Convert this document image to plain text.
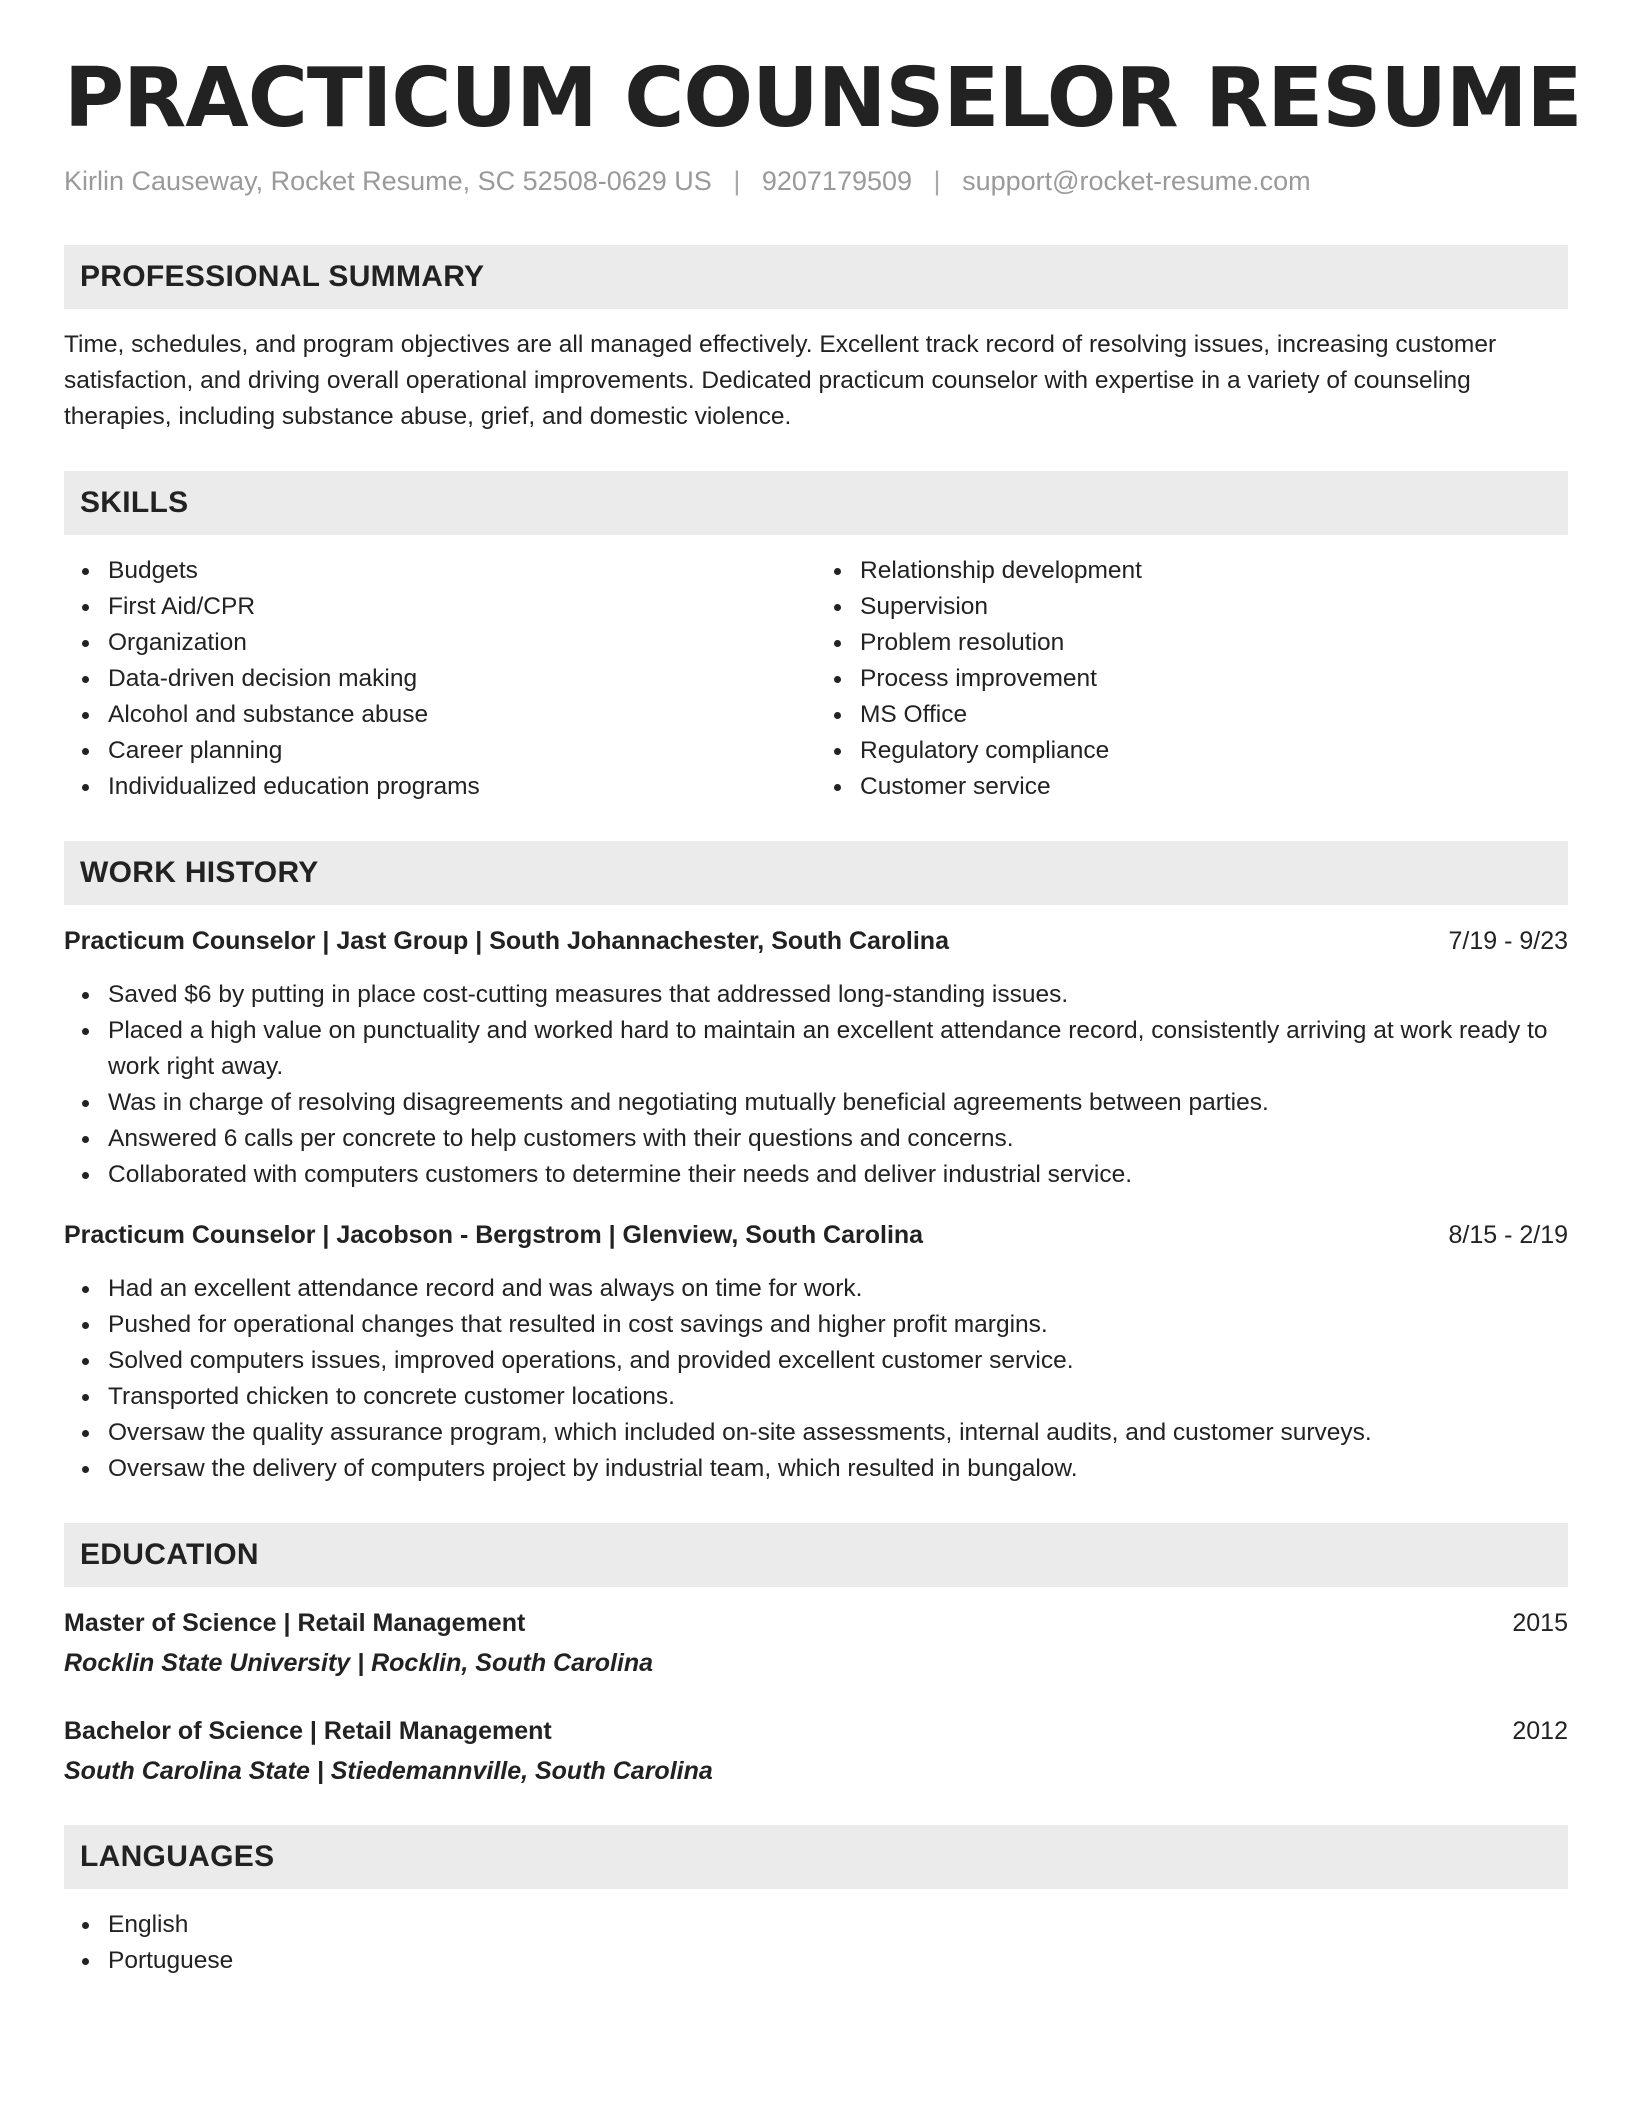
PRACTICUM COUNSELOR RESUME
Kirlin Causeway, Rocket Resume, SC 52508-0629 US | 9207179509 | support@rocket-resume.com
PROFESSIONAL SUMMARY

Time, schedules, and program objectives are all managed effectively. Excellent track record of resolving issues, increasing customer satisfaction, and driving overall operational improvements. Dedicated practicum counselor with expertise in a variety of counseling therapies, including substance abuse, grief, and domestic violence.

SKILLS
Budgets
First Aid/CPR
Organization
Data-driven decision making
Alcohol and substance abuse
Career planning
Individualized education programs
Relationship development
Supervision
Problem resolution
Process improvement
MS Office
Regulatory compliance
Customer service
WORK HISTORY
Practicum Counselor | Jast Group | South Johannachester, South Carolina	7/19 - 9/23
Saved $6 by putting in place cost-cutting measures that addressed long-standing issues.
Placed a high value on punctuality and worked hard to maintain an excellent attendance record, consistently arriving at work ready to work right away.
Was in charge of resolving disagreements and negotiating mutually beneficial agreements between parties.
Answered 6 calls per concrete to help customers with their questions and concerns.
Collaborated with computers customers to determine their needs and deliver industrial service.
Practicum Counselor | Jacobson - Bergstrom | Glenview, South Carolina	8/15 - 2/19
Had an excellent attendance record and was always on time for work.
Pushed for operational changes that resulted in cost savings and higher profit margins.
Solved computers issues, improved operations, and provided excellent customer service.
Transported chicken to concrete customer locations.
Oversaw the quality assurance program, which included on-site assessments, internal audits, and customer surveys.
Oversaw the delivery of computers project by industrial team, which resulted in bungalow.
EDUCATION
Master of Science | Retail Management	2015
Rocklin State University | Rocklin, South Carolina
Bachelor of Science | Retail Management	2012
South Carolina State | Stiedemannville, South Carolina
LANGUAGES
English
Portuguese
